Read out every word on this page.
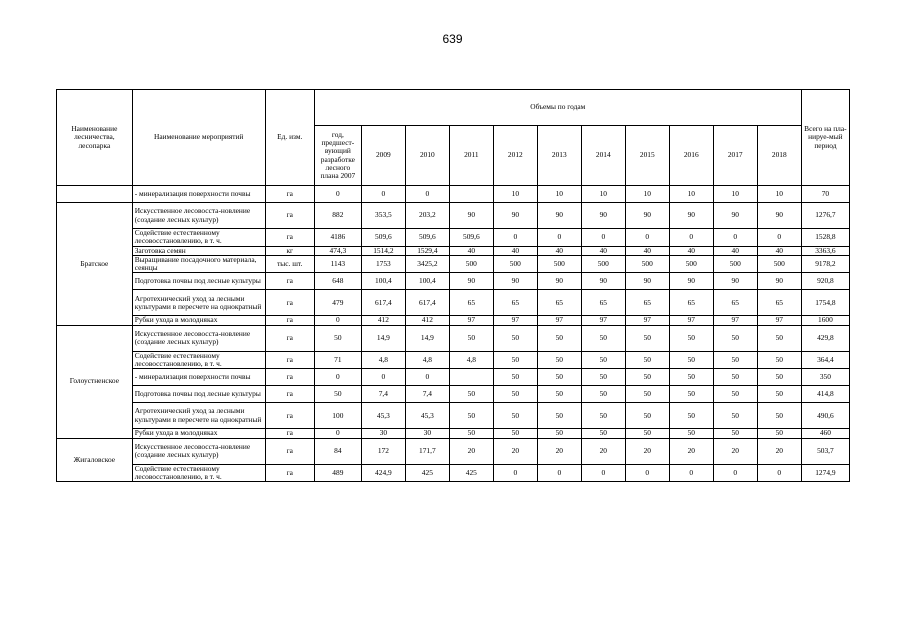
639
Наименование лесничества, лесопарка	Наименование мероприятий	Ед. изм.	Объемы по годам											Всего на пла-нируе-мый период
			год, предшест-вующий разработке лесного плана 2007	2009	2010	2011	2012	2013	2014	2015	2016	2017	2018	
	- минерализация поверхности почвы	га	0	0	0		10	10	10	10	10	10	10	70
Братское	Искусственное лесовосста-новление (создание лесных культур)	га	882	353,5	203,2	90	90	90	90	90	90	90	90	1276,7
	Содействие естественному лесовосстановлению, в т. ч.	га	4186	509,6	509,6	509,6	0	0	0	0	0	0	0	1528,8
	Заготовка семян	кг	474,3	1514,2	1529,4	40	40	40	40	40	40	40	40	3363,6
	Выращивание посадочного материала, сеянцы	тыс. шт.	1143	1753	3425,2	500	500	500	500	500	500	500	500	9178,2
	Подготовка почвы под лесные культуры	га	648	100,4	100,4	90	90	90	90	90	90	90	90	920,8
	Агротехнический уход за лесными культурами в пересчете на однократный	га	479	617,4	617,4	65	65	65	65	65	65	65	65	1754,8
	Рубки ухода в молодняках	га	0	412	412	97	97	97	97	97	97	97	97	1600
Голоустненское	Искусственное лесовосста-новление (создание лесных культур)	га	50	14,9	14,9	50	50	50	50	50	50	50	50	429,8
	Содействие естественному лесовосстановлению, в т. ч.	га	71	4,8	4,8	4,8	50	50	50	50	50	50	50	364,4
	- минерализация поверхности почвы	га	0	0	0		50	50	50	50	50	50	50	350
	Подготовка почвы под лесные культуры	га	50	7,4	7,4	50	50	50	50	50	50	50	50	414,8
	Агротехнический уход за лесными культурами в пересчете на однократный	га	100	45,3	45,3	50	50	50	50	50	50	50	50	490,6
	Рубки ухода в молодняках	га	0	30	30	50	50	50	50	50	50	50	50	460
Жигаловское	Искусственное лесовосста-новление (создание лесных культур)	га	84	172	171,7	20	20	20	20	20	20	20	20	503,7
	Содействие естественному лесовосстановлению, в т. ч.	га	489	424,9	425	425	0	0	0	0	0	0	0	1274,9
